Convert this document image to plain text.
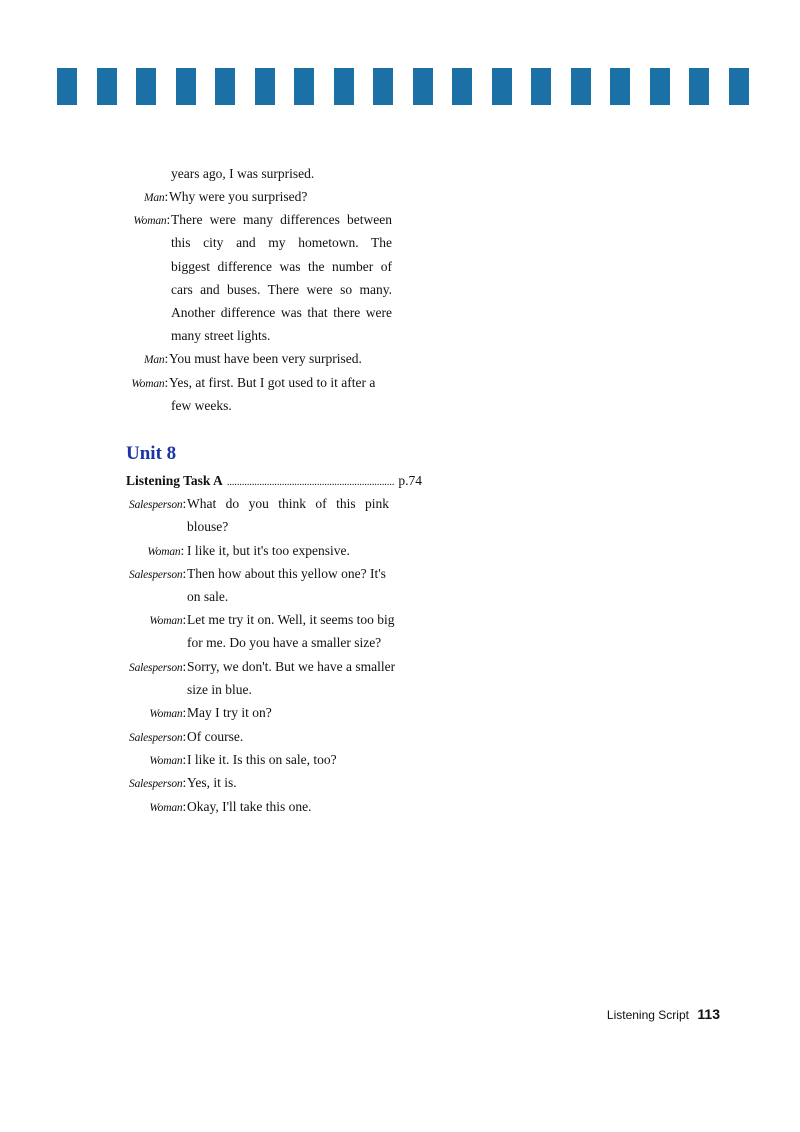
years ago, I was surprised.
Man: Why were you surprised?
Woman: There were many differences between
this city and my hometown. The
biggest difference was the number of
cars and buses. There were so many.
Another difference was that there were
many street lights.
Man: You must have been very surprised.
Woman: Yes, at first. But I got used to it after a
few weeks.
Unit 8
Listening Task A ................................................................... p.74
Salesperson: What do you think of this pink
blouse?
Woman: I like it, but it's too expensive.
Salesperson: Then how about this yellow one? It's
on sale.
Woman: Let me try it on. Well, it seems too big
for me. Do you have a smaller size?
Salesperson: Sorry, we don't. But we have a smaller
size in blue.
Woman: May I try it on?
Salesperson: Of course.
Woman: I like it. Is this on sale, too?
Salesperson: Yes, it is.
Woman: Okay, I'll take this one.
Listening Script 113
